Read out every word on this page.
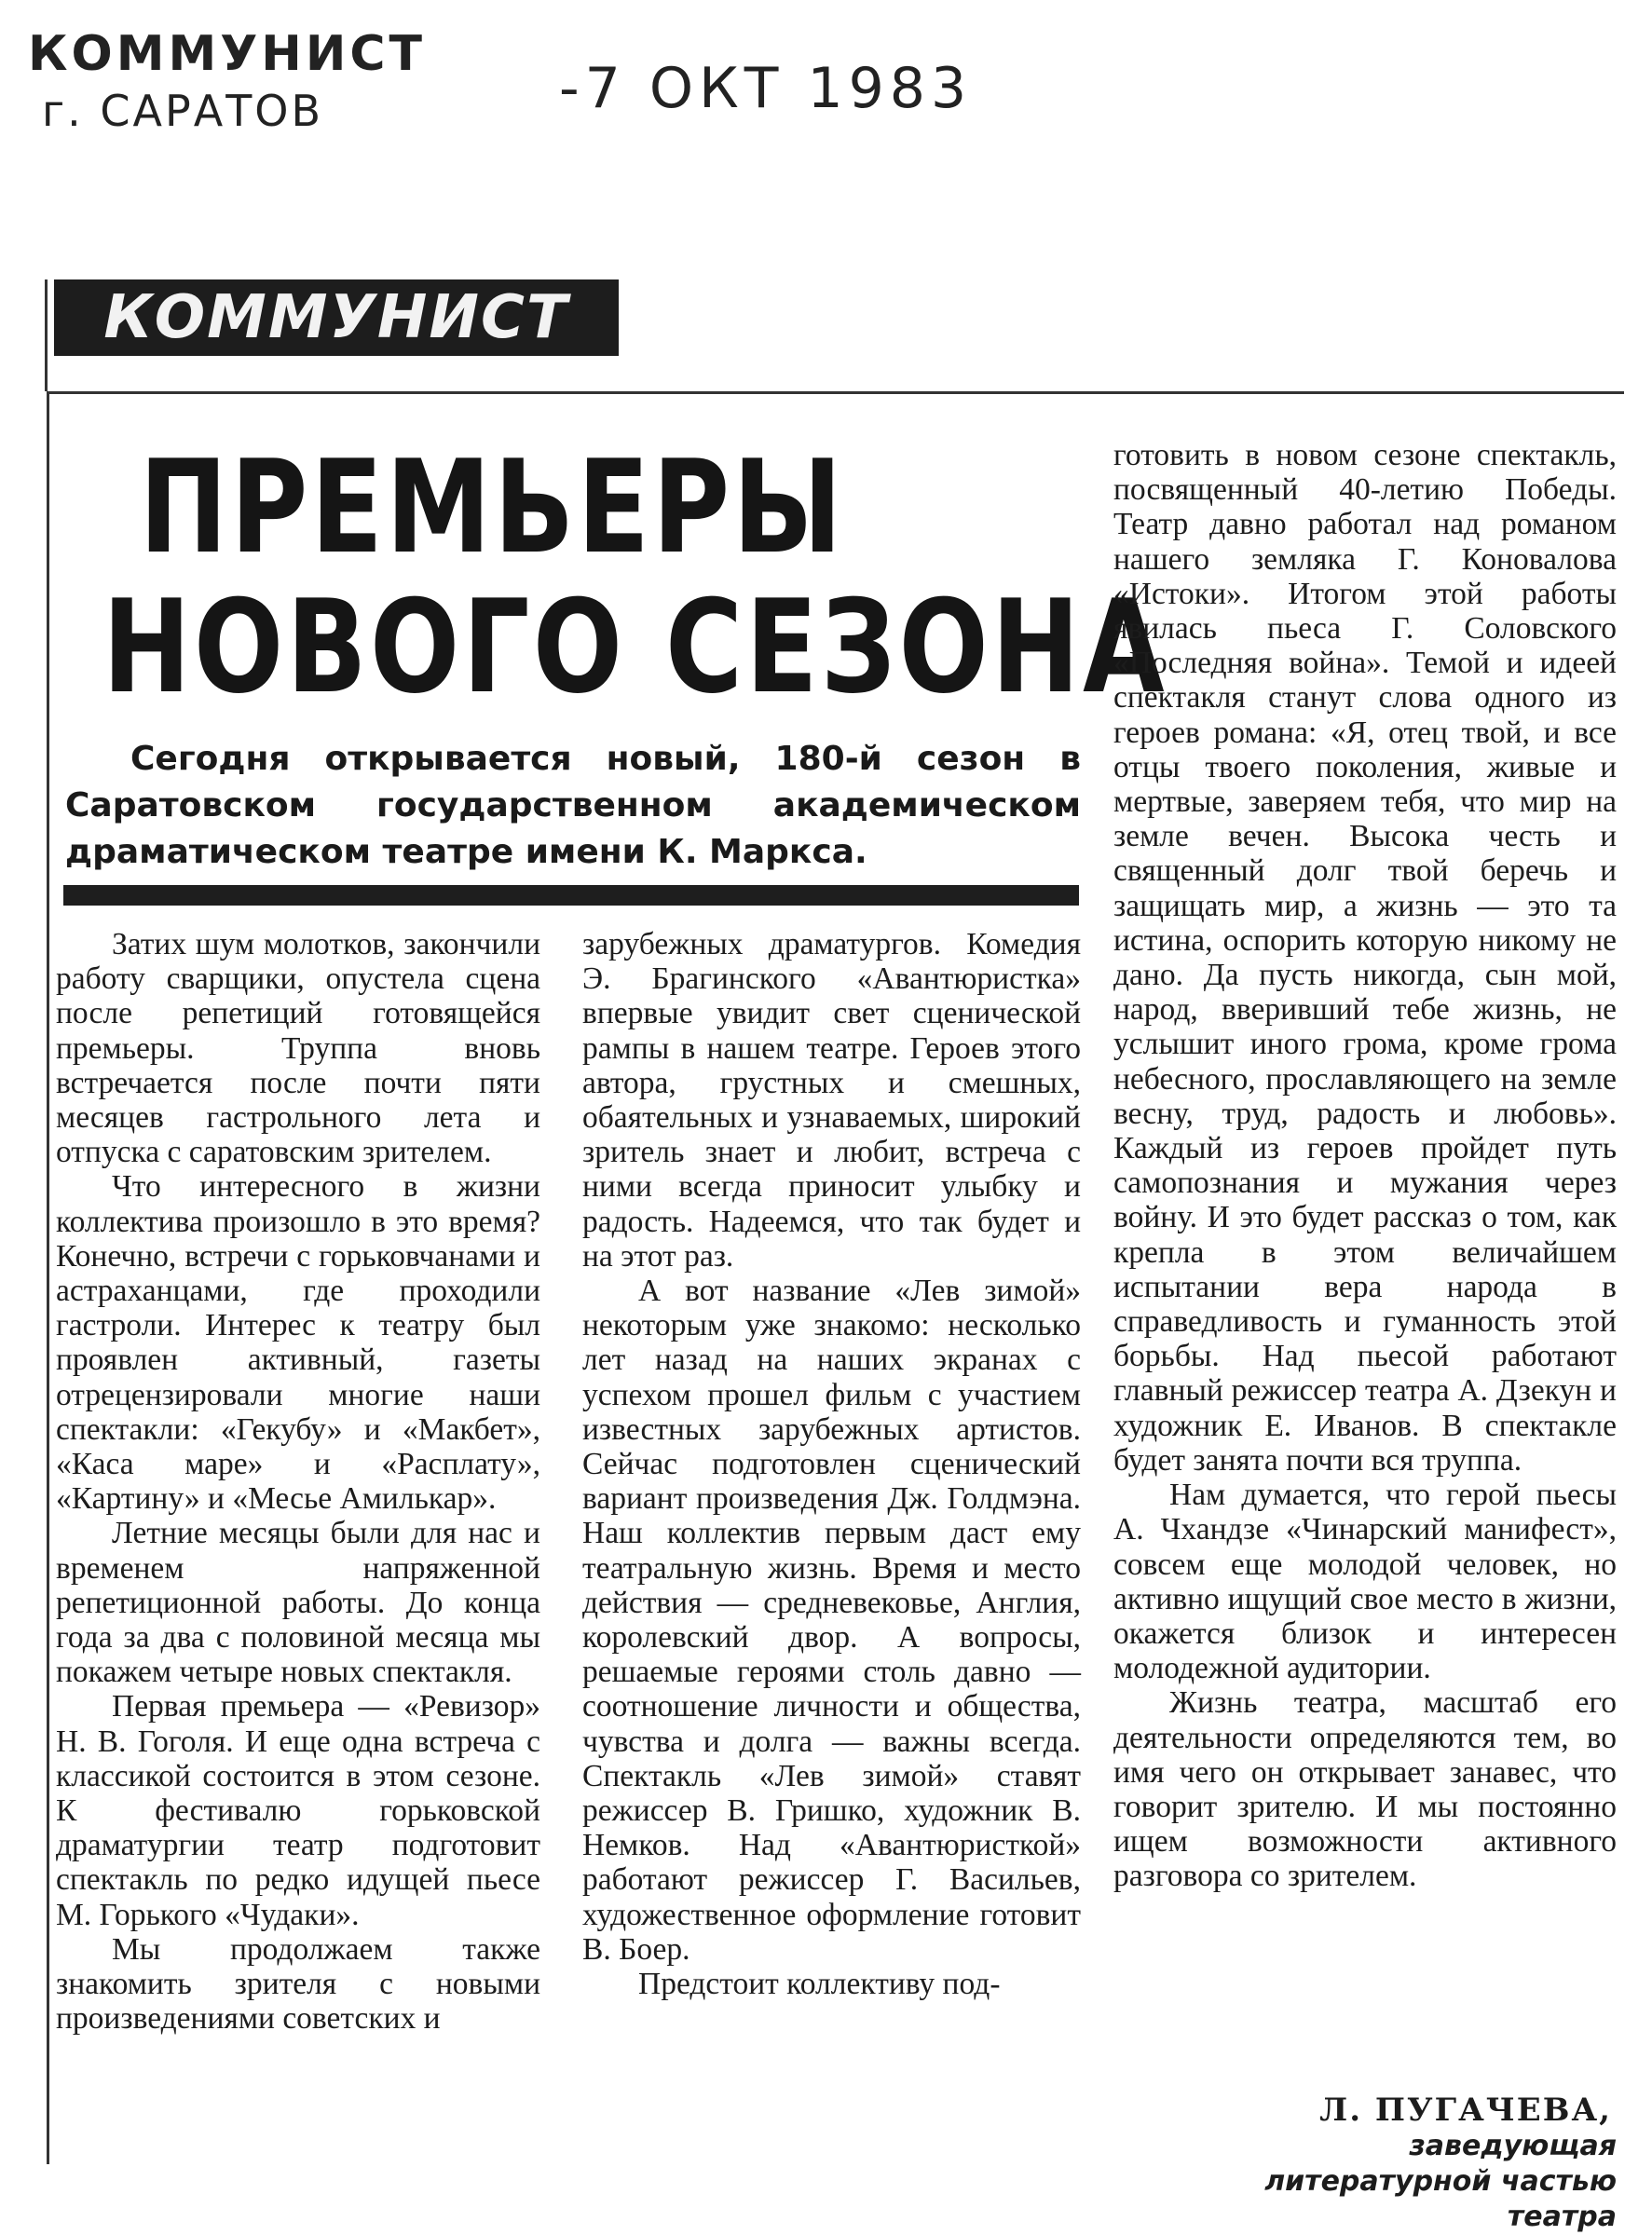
КОММУНИСТ
г. САРАТОВ	-7 ОКТ 1983
КОММУНИСТ
ПРЕМЬЕРЫ
НОВОГО СЕЗОНА
Сегодня открывается новый, 180-й сезон в Саратовском государственном академическом драматическом театре имени К. Маркса.

Затих шум молотков, закончили работу сварщики, опустела сцена после репетиций готовящейся премьеры. Труппа вновь встречается после почти пяти месяцев гастрольного лета и отпуска с саратовским зрителем.

Что интересного в жизни коллектива произошло в это время? Конечно, встречи с горьковчанами и астраханцами, где проходили гастроли. Интерес к театру был проявлен активный, газеты отрецензировали многие наши спектакли: «Гекубу» и «Макбет», «Каса маре» и «Расплату», «Картину» и «Месье Амилькар».

Летние месяцы были для нас и временем напряженной репетиционной работы. До конца года за два с половиной месяца мы покажем четыре новых спектакля.

Первая премьера — «Ревизор» Н. В. Гоголя. И еще одна встреча с классикой состоится в этом сезоне. К фестивалю горьковской драматургии театр подготовит спектакль по редко идущей пьесе М. Горького «Чудаки».

Мы продолжаем также знакомить зрителя с новыми произведениями советских и

зарубежных драматургов. Комедия Э. Брагинского «Авантюристка» впервые увидит свет сценической рампы в нашем театре. Героев этого автора, грустных и смешных, обаятельных и узнаваемых, широкий зритель знает и любит, встреча с ними всегда приносит улыбку и радость. Надеемся, что так будет и на этот раз.

А вот название «Лев зимой» некоторым уже знакомо: несколько лет назад на наших экранах с успехом прошел фильм с участием известных зарубежных артистов. Сейчас подготовлен сценический вариант произведения Дж. Голдмэна. Наш коллектив первым даст ему театральную жизнь. Время и место действия — средневековье, Англия, королевский двор. А вопросы, решаемые героями столь давно — соотношение личности и общества, чувства и долга — важны всегда. Спектакль «Лев зимой» ставят режиссер В. Гришко, художник В. Немков. Над «Авантюристкой» работают режиссер Г. Васильев, художественное оформление готовит В. Боер.

Предстоит коллективу под-

готовить в новом сезоне спектакль, посвященный 40-летию Победы. Театр давно работал над романом нашего земляка Г. Коновалова «Истоки». Итогом этой работы явилась пьеса Г. Соловского «Последняя война». Темой и идеей спектакля станут слова одного из героев романа: «Я, отец твой, и все отцы твоего поколения, живые и мертвые, заверяем тебя, что мир на земле вечен. Высока честь и священный долг твой беречь и защищать мир, а жизнь — это та истина, оспорить которую никому не дано. Да пусть никогда, сын мой, народ, вверивший тебе жизнь, не услышит иного грома, кроме грома небесного, прославляющего на земле весну, труд, радость и любовь». Каждый из героев пройдет путь самопознания и мужания через войну. И это будет рассказ о том, как крепла в этом величайшем испытании вера народа в справедливость и гуманность этой борьбы. Над пьесой работают главный режиссер театра А. Дзекун и художник Е. Иванов. В спектакле будет занята почти вся труппа.

Нам думается, что герой пьесы А. Чхандзе «Чинарский манифест», совсем еще молодой человек, но активно ищущий свое место в жизни, окажется близок и интересен молодежной аудитории.

Жизнь театра, масштаб его деятельности определяются тем, во имя чего он открывает занавес, что говорит зрителю. И мы постоянно ищем возможности активного разговора со зрителем.

Л. ПУГАЧЕВА,
заведующая литературной частью театра
